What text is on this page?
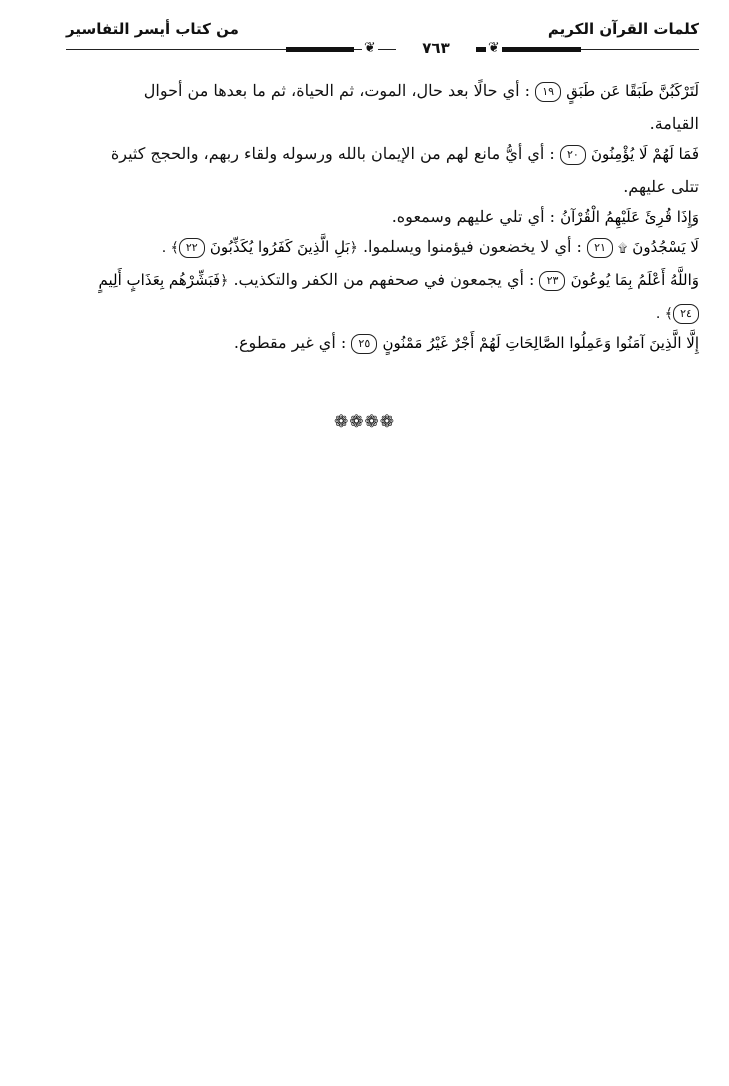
كلمات القرآن الكريم
من كتاب أيسر التفاسير
❦	٧٦٣	❦
لَتَرْكَبُنَّ طَبَقًا عَن طَبَقٍ ١٩ : أي حالًا بعد حال، الموت، ثم الحياة، ثم ما بعدها من أحوال
القيامة.
فَمَا لَهُمْ لَا يُؤْمِنُونَ ٢٠ : أي أيُّ مانع لهم من الإيمان بالله ورسوله ولقاء ربهم، والحجج كثيرة
تتلى عليهم.
وَإِذَا قُرِئَ عَلَيْهِمُ الْقُرْآنُ : أي تلي عليهم وسمعوه.
لَا يَسْجُدُونَ ۩ ٢١ : أي لا يخضعون فيؤمنوا ويسلموا. ﴿بَلِ الَّذِينَ كَفَرُوا يُكَذِّبُونَ ٢٢﴾ .
وَاللَّهُ أَعْلَمُ بِمَا يُوعُونَ ٢٣ : أي يجمعون في صحفهم من الكفر والتكذيب. ﴿فَبَشِّرْهُم بِعَذَابٍ أَلِيمٍ
٢٤﴾ .
إِلَّا الَّذِينَ آمَنُوا وَعَمِلُوا الصَّالِحَاتِ لَهُمْ أَجْرٌ غَيْرُ مَمْنُونٍ ٢٥ : أي غير مقطوع.
❁❁❁❁
